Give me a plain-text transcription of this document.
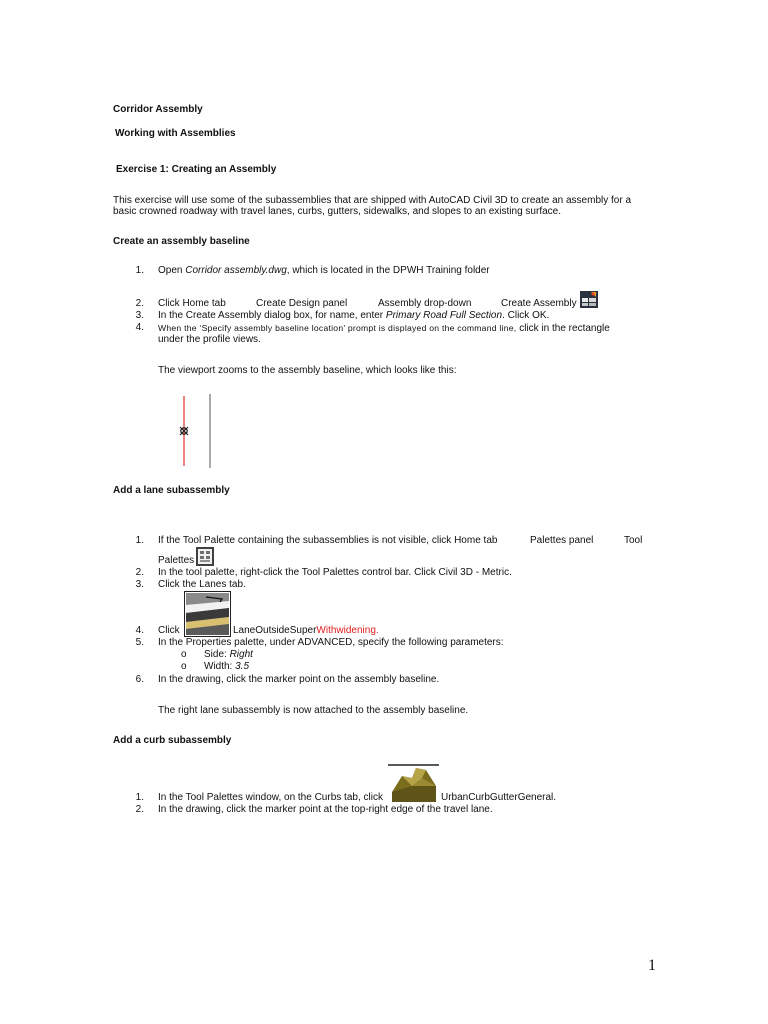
Corridor Assembly
Working with Assemblies
Exercise 1: Creating an Assembly
This exercise will use some of the subassemblies that are shipped with AutoCAD Civil 3D to create an assembly for a
basic crowned roadway with travel lanes, curbs, gutters, sidewalks, and slopes to an existing surface.
Create an assembly baseline
1. Open Corridor assembly.dwg, which is located in the DPWH Training folder
2. Click Home tab	Create Design panel	Assembly drop-down	Create Assembly
3. In the Create Assembly dialog box, for name, enter Primary Road Full Section. Click OK.
4. When the ‘Specify assembly baseline location’ prompt is displayed on the command line, click in the rectangle
under the profile views.
The viewport zooms to the assembly baseline, which looks like this:
Add a lane subassembly
1. If the Tool Palette containing the subassemblies is not visible, click Home tab	Palettes panel	Tool
Palettes
2. In the tool palette, right-click the Tool Palettes control bar. Click Civil 3D - Metric.
3. Click the Lanes tab.
4. Click	LaneOutsideSuperWithwidening.
5. In the Properties palette, under ADVANCED, specify the following parameters:
o Side: Right
o Width: 3.5
6. In the drawing, click the marker point on the assembly baseline.
The right lane subassembly is now attached to the assembly baseline.
Add a curb subassembly
1. In the Tool Palettes window, on the Curbs tab, click	UrbanCurbGutterGeneral.
2. In the drawing, click the marker point at the top-right edge of the travel lane.
1
